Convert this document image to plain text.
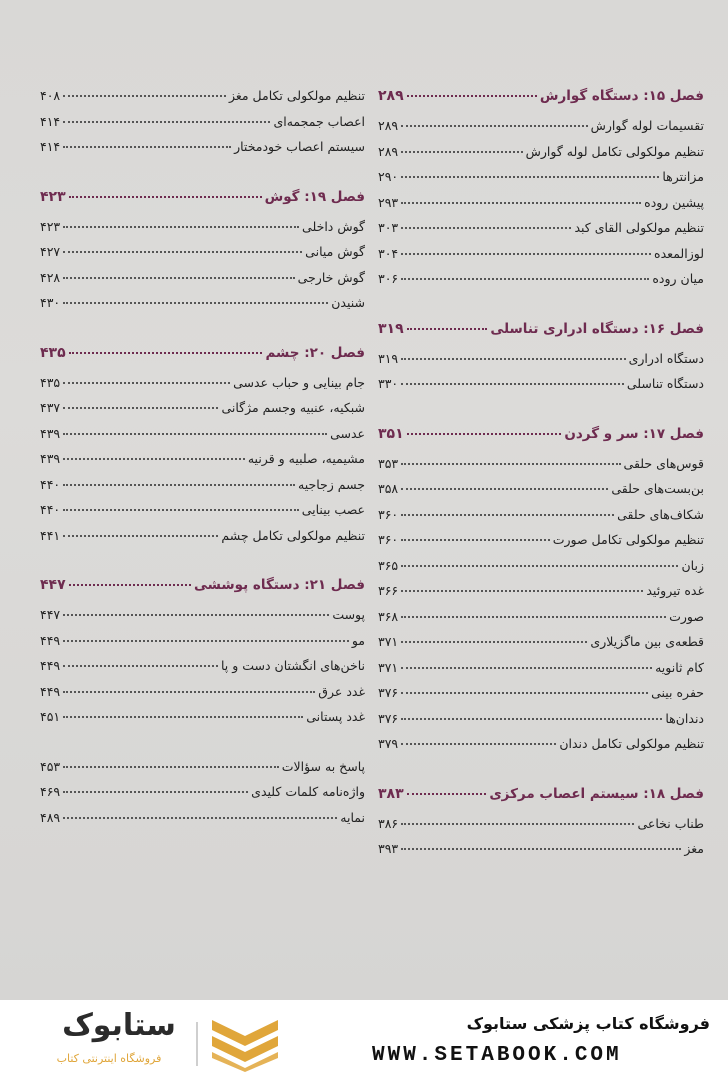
فصل ۱۵: دستگاه گوارش
۲۸۹
تقسیمات لوله گوارش
۲۸۹
تنظیم مولکولی تکامل لوله گوارش
۲۸۹
مزانترها
۲۹۰
پیشین روده
۲۹۳
تنظیم مولکولی القای کبد
۳۰۳
لوزالمعده
۳۰۴
میان روده
۳۰۶
فصل ۱۶: دستگاه ادراری تناسلی
۳۱۹
دستگاه ادراری
۳۱۹
دستگاه تناسلی
۳۳۰
فصل ۱۷: سر و گردن
۳۵۱
قوس‌های حلقی
۳۵۳
بن‌بست‌های حلقی
۳۵۸
شکاف‌های حلقی
۳۶۰
تنظیم مولکولی تکامل صورت
۳۶۰
زبان
۳۶۵
غده تیروئید
۳۶۶
صورت
۳۶۸
قطعه‌ی بین ماگزیلاری
۳۷۱
کام ثانویه
۳۷۱
حفره بینی
۳۷۶
دندان‌ها
۳۷۶
تنظیم مولکولی تکامل دندان
۳۷۹
فصل ۱۸: سیستم اعصاب مرکزی
۳۸۳
طناب نخاعی
۳۸۶
مغز
۳۹۳
تنظیم مولکولی تکامل مغز
۴۰۸
اعصاب جمجمه‌ای
۴۱۴
سیستم اعصاب خودمختار
۴۱۴
فصل ۱۹: گوش
۴۲۳
گوش داخلی
۴۲۳
گوش میانی
۴۲۷
گوش خارجی
۴۲۸
شنیدن
۴۳۰
فصل ۲۰: چشم
۴۳۵
جام بینایی و حباب عدسی
۴۳۵
شبکیه، عنبیه وجسم مژگانی
۴۳۷
عدسی
۴۳۹
مشیمیه، صلبیه و قرنیه
۴۳۹
جسم زجاجیه
۴۴۰
عصب بینایی
۴۴۰
تنظیم مولکولی تکامل چشم
۴۴۱
فصل ۲۱: دستگاه پوششی
۴۴۷
پوست
۴۴۷
مو
۴۴۹
ناخن‌های انگشتان دست و پا
۴۴۹
غدد عرق
۴۴۹
غدد پستانی
۴۵۱
پاسخ به سؤالات
۴۵۳
واژه‌نامه کلمات کلیدی
۴۶۹
نمایه
۴۸۹
فروشگاه کتاب پزشکی ستابوک
WWW.SETABOOK.COM
ستابوک
فروشگاه اینترنتی کتاب
